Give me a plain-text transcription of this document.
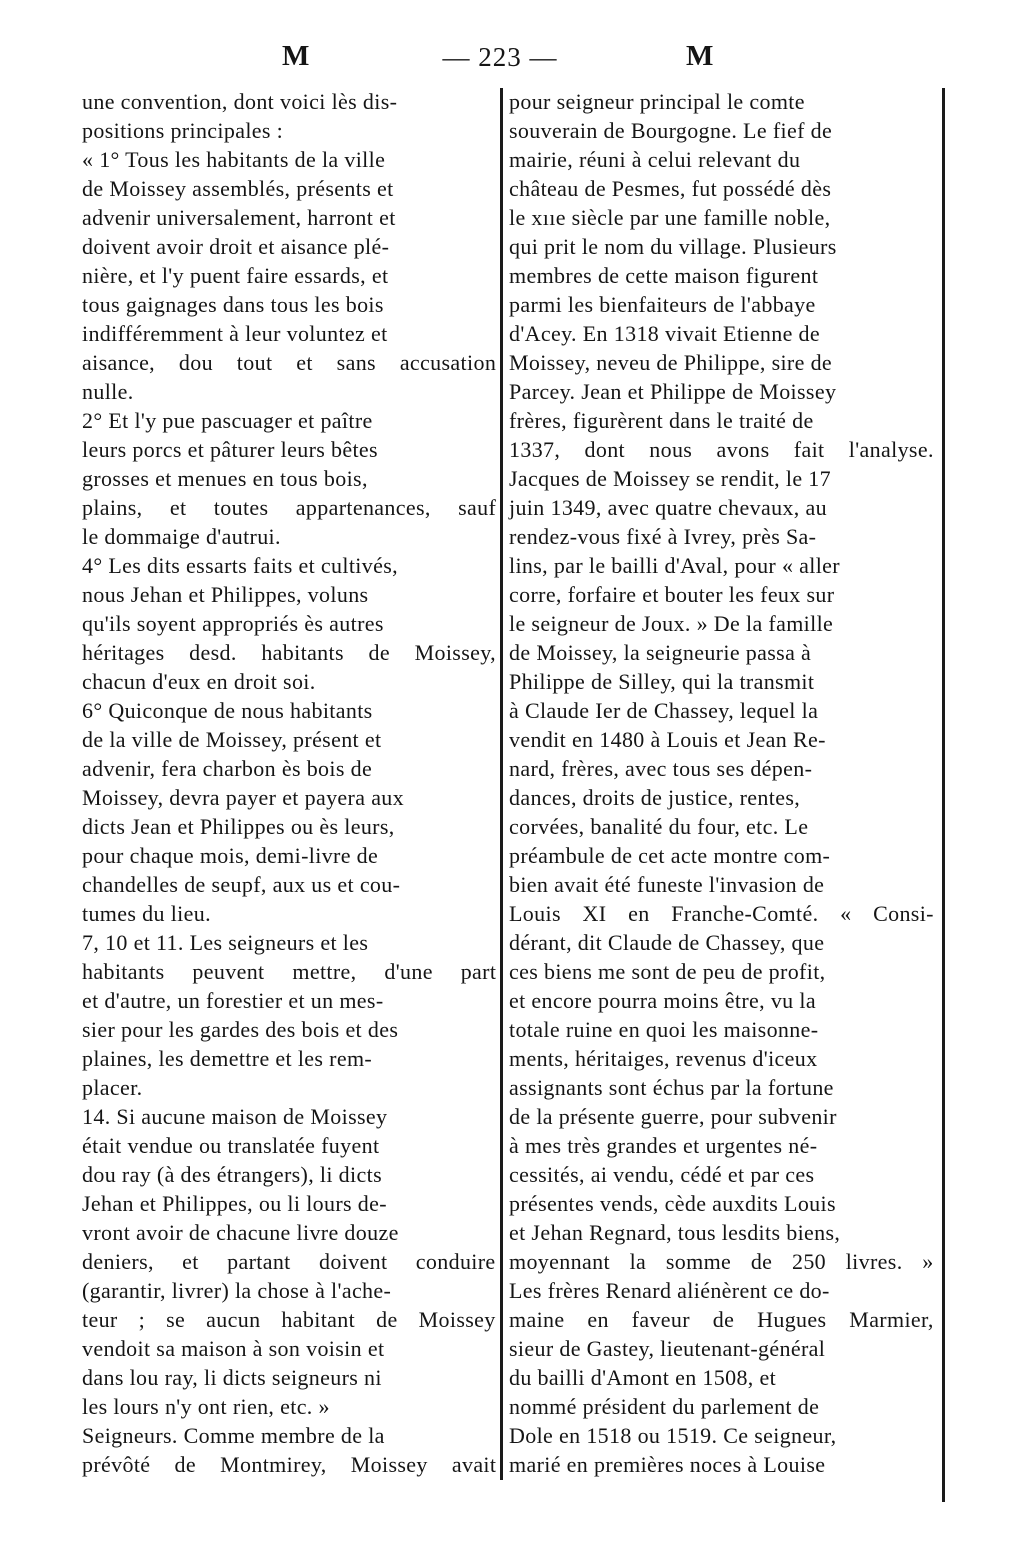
M	— 223 —	M
une convention, dont voici lès dis-
positions principales :
« 1° Tous les habitants de la ville
de Moissey assemblés, présents et
advenir universalement, harront et
doivent avoir droit et aisance plé-
nière, et l'y puent faire essards, et
tous gaignages dans tous les bois
indifféremment à leur voluntez et
aisance, dou tout et sans accusation
nulle.
2° Et l'y pue pascuager et paître
leurs porcs et pâturer leurs bêtes
grosses et menues en tous bois,
plains, et toutes appartenances, sauf
le dommaige d'autrui.
4° Les dits essarts faits et cultivés,
nous Jehan et Philippes, voluns
qu'ils soyent appropriés ès autres
héritages desd. habitants de Moissey,
chacun d'eux en droit soi.
6° Quiconque de nous habitants
de la ville de Moissey, présent et
advenir, fera charbon ès bois de
Moissey, devra payer et payera aux
dicts Jean et Philippes ou ès leurs,
pour chaque mois, demi-livre de
chandelles de seupf, aux us et cou-
tumes du lieu.
7, 10 et 11. Les seigneurs et les
habitants peuvent mettre, d'une part
et d'autre, un forestier et un mes-
sier pour les gardes des bois et des
plaines, les demettre et les rem-
placer.
14. Si aucune maison de Moissey
était vendue ou translatée fuyent
dou ray (à des étrangers), li dicts
Jehan et Philippes, ou li lours de-
vront avoir de chacune livre douze
deniers, et partant doivent conduire
(garantir, livrer) la chose à l'ache-
teur ; se aucun habitant de Moissey
vendoit sa maison à son voisin et
dans lou ray, li dicts seigneurs ni
les lours n'y ont rien, etc. »
Seigneurs. Comme membre de la
prévôté de Montmirey, Moissey avait
pour seigneur principal le comte
souverain de Bourgogne. Le fief de
mairie, réuni à celui relevant du
château de Pesmes, fut possédé dès
le xııe siècle par une famille noble,
qui prit le nom du village. Plusieurs
membres de cette maison figurent
parmi les bienfaiteurs de l'abbaye
d'Acey. En 1318 vivait Etienne de
Moissey, neveu de Philippe, sire de
Parcey. Jean et Philippe de Moissey
frères, figurèrent dans le traité de
1337, dont nous avons fait l'analyse.
Jacques de Moissey se rendit, le 17
juin 1349, avec quatre chevaux, au
rendez-vous fixé à Ivrey, près Sa-
lins, par le bailli d'Aval, pour « aller
corre, forfaire et bouter les feux sur
le seigneur de Joux. » De la famille
de Moissey, la seigneurie passa à
Philippe de Silley, qui la transmit
à Claude Ier de Chassey, lequel la
vendit en 1480 à Louis et Jean Re-
nard, frères, avec tous ses dépen-
dances, droits de justice, rentes,
corvées, banalité du four, etc. Le
préambule de cet acte montre com-
bien avait été funeste l'invasion de
Louis XI en Franche-Comté. « Consi-
dérant, dit Claude de Chassey, que
ces biens me sont de peu de profit,
et encore pourra moins être, vu la
totale ruine en quoi les maisonne-
ments, héritaiges, revenus d'iceux
assignants sont échus par la fortune
de la présente guerre, pour subvenir
à mes très grandes et urgentes né-
cessités, ai vendu, cédé et par ces
présentes vends, cède auxdits Louis
et Jehan Regnard, tous lesdits biens,
moyennant la somme de 250 livres. »
Les frères Renard aliénèrent ce do-
maine en faveur de Hugues Marmier,
sieur de Gastey, lieutenant-général
du bailli d'Amont en 1508, et
nommé président du parlement de
Dole en 1518 ou 1519. Ce seigneur,
marié en premières noces à Louise
